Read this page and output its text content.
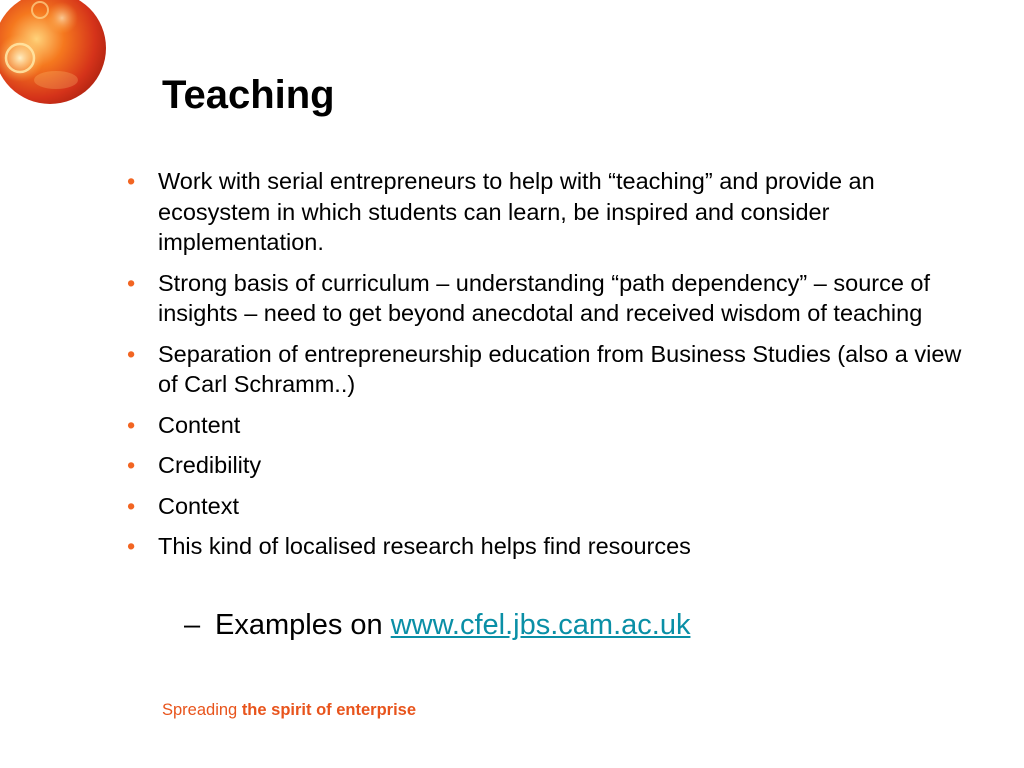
Teaching
• Work with serial entrepreneurs to help with “teaching” and provide an ecosystem in which students can learn, be inspired and consider implementation.
• Strong basis of curriculum – understanding “path dependency” – source of insights – need to get beyond anecdotal and received wisdom of teaching
• Separation of entrepreneurship education from Business Studies (also a view of Carl Schramm..)
• Content
• Credibility
• Context
• This kind of localised research helps find resources
– Examples on www.cfel.jbs.cam.ac.uk
Spreading the spirit of enterprise
